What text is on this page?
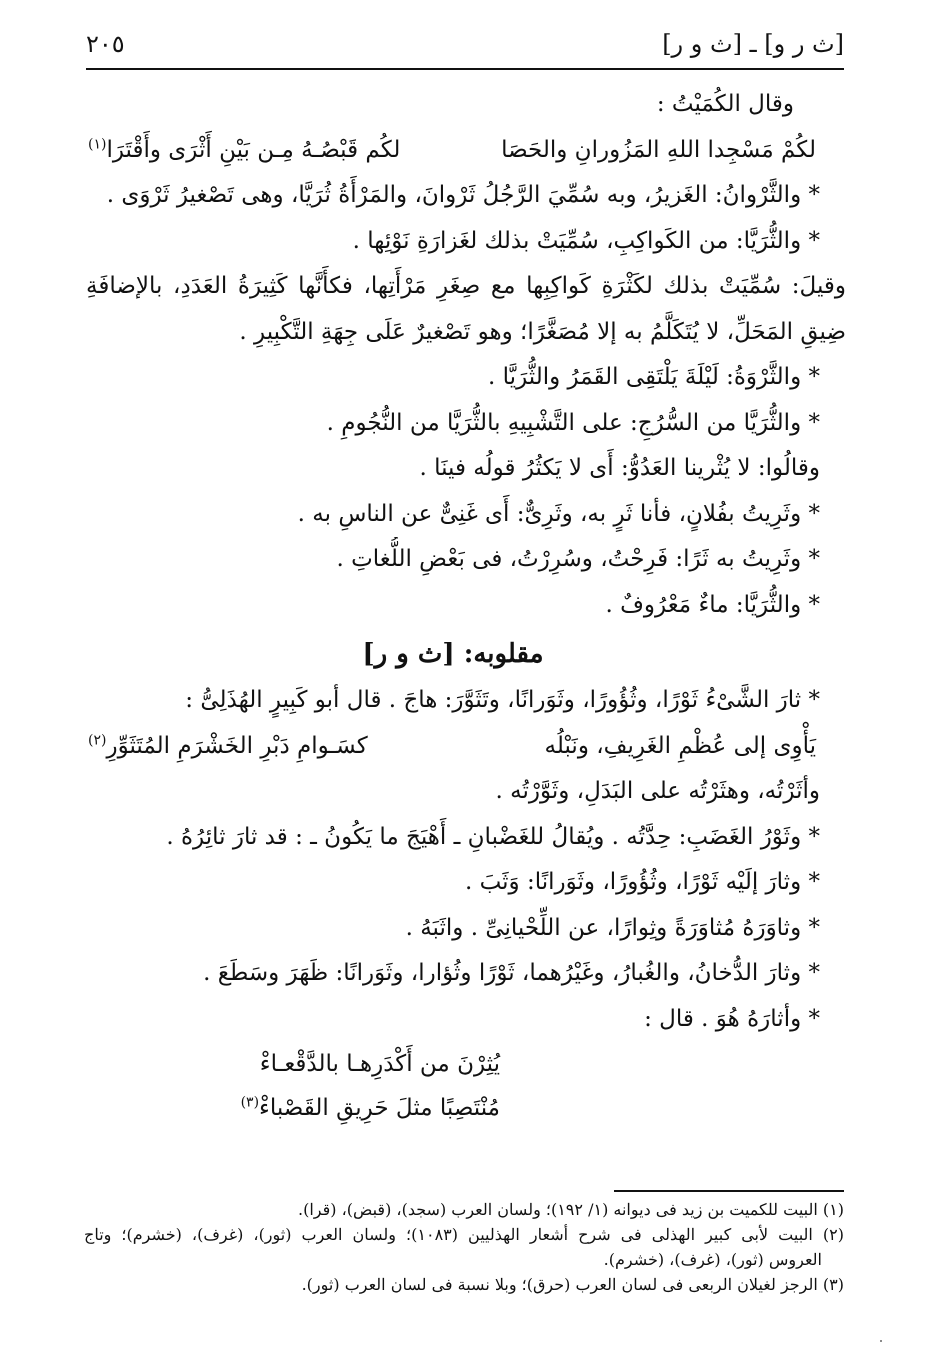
[ث ر و] ـ [ث و ر]
٢٠٥
وقال الكُمَيْتُ :
لكُمْ مَسْجِدا اللهِ المَزُورانِ والحَصَا
لكُم قَبْصُـهُ مِـن بَيْنِ أَثْرَى وأَقْتَرَا$^{(١)}$
* والثَّرْوانُ: الغَزيرُ، وبه سُمِّيَ الرَّجُلُ ثَرْوانَ، والمَرْأَةُ ثُرَيَّا، وهى تَصْغيرُ ثَرْوَى .
* والثُّرَيَّا: من الكَواكِبِ، سُمِّيَتْ بذلك لغَزارَةِ نَوْئِها .
وقيلَ: سُمِّيَتْ بذلك لكَثْرَةِ كَواكِبِها مع صِغَرِ مَرْأَتِها، فكأَنَّها كَثِيرَةُ العَدَدِ، بالإضافَةِ
ضِيقِ المَحَلِّ، لا يُتَكَلَّمُ به إلا مُصَغَّرًا؛ وهو تَصْغيرٌ عَلَى جِهَةِ التَّكْبِيرِ .
* والثَّرْوَةُ: لَيْلَةَ يَلْتَقِى القَمَرُ والثُّرَيَّا .
* والثُّرَيَّا من السُّرُجِ: على التَّشْبِيهِ بالثُّرَيَّا من النُّجُومِ .
وقالُوا: لا يُثْرينا العَدُوُّ: أَى لا يَكثُرُ قولُه فينَا .
* وثَرِيتُ بفُلانٍ، فأنا ثَرٍ به، وثَرِىٌّ: أَى غَنِىٌّ عن الناسِ به .
* وثَرِيتُ به ثَرًا: فَرِحْتُ، وسُرِرْتُ، فى بَعْضِ اللُّغاتِ .
* والثُّرَيَّا: ماءٌ مَعْرُوفٌ .
مقلوبه: [ث و ر]
* ثارَ الشَّىْءُ ثَوْرًا، وثُؤُورًا، وثَوَرانًا، وتَثَوَّرَ: هاجَ . قال أبو كَبِيرٍ الهُذَلِىُّ :
يَأْوِى إلى عُظْمِ الغَرِيفِ، ونَبْلُه
كسَـوامِ دَبْرِ الخَشْرَمِ المُتَثَوِّرِ$^{(٢)}$
وأثَرْتُه، وهثَرْتُه على البَدَلِ، وثَوَّرْتُه .
* وثَوْرُ الغَضَبِ: حِدَّتُه . ويُقالُ للغَضْبانِ ـ أَهْيَجَ ما يَكُونُ ـ : قد ثارَ ثائِرُهُ .
* وثارَ إلَيْه ثَوْرًا، وثُؤُورًا، وثَوَرانًا: وَثَبَ .
* وثاوَرَهُ مُثاوَرَةً وثِوارًا، عن اللِّحْيانِىِّ . واثَبَهُ .
* وثارَ الدُّخانُ، والغُبارُ، وغَيْرُهما، ثَوْرًا وثُؤارا، وثَوَرانًا: ظَهَرَ وسَطَعَ .
* وأثارَهُ هُوَ . قال :
يُثِرْنَ من أَكْدَرِهـا بالدَّقْعـاءْ
مُنْتَصِبًا مثلَ حَرِيقِ القَصْباءْ$^{(٣)}$
(١) البيت للكميت بن زيد فى ديوانه (١/ ١٩٢)؛ ولسان العرب (سجد)، (قبض)، (قرا).
(٢) البيت لأبى كبير الهذلى فى شرح أشعار الهذليين (١٠٨٣)؛ ولسان العرب (ثور)، (غرف)، (خشرم)؛ وتاج
العروس (ثور)، (غرف)، (خشرم).
(٣) الرجز لغيلان الربعى فى لسان العرب (حرق)؛ وبلا نسبة فى لسان العرب (ثور).
